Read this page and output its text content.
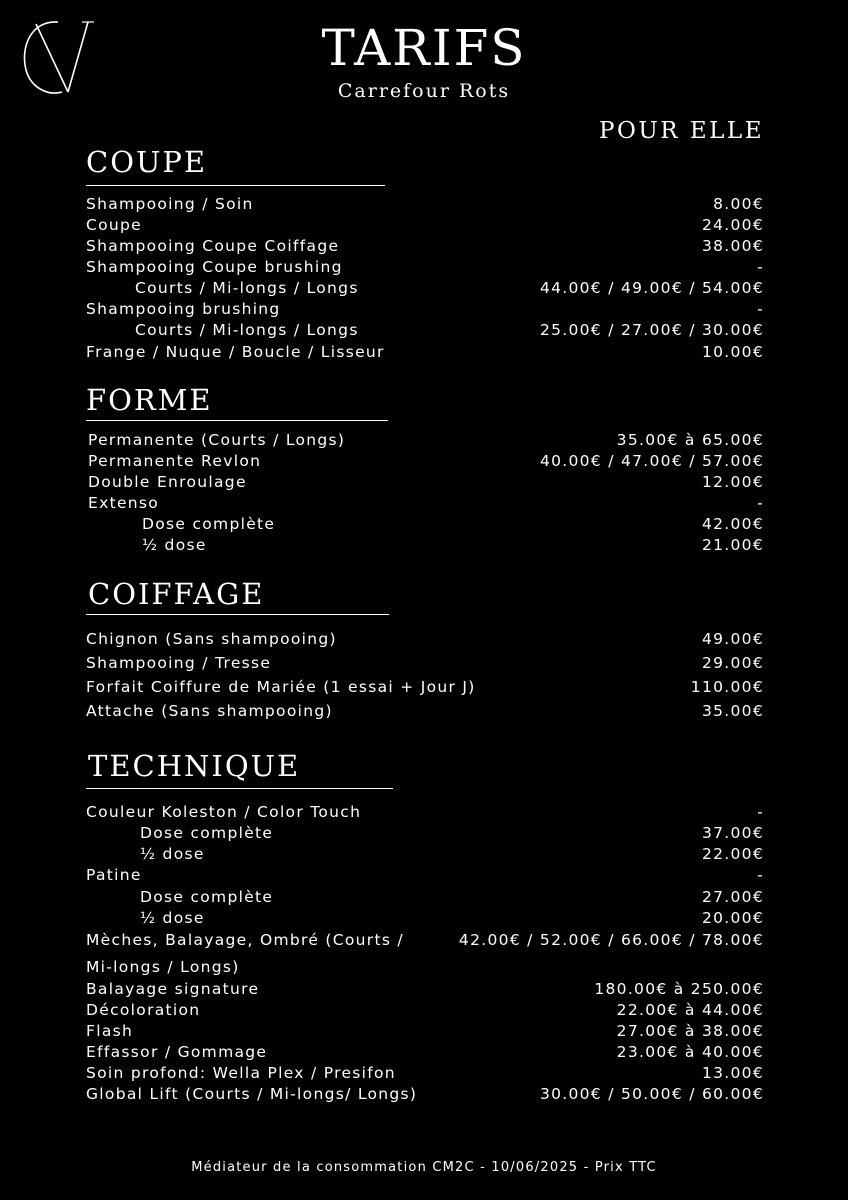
TARIFS
Carrefour Rots
POUR ELLE
COUPE
Shampooing / Soin	8.00€
Coupe	24.00€
Shampooing Coupe Coiffage	38.00€
Shampooing Coupe brushing	-
Courts / Mi-longs / Longs	44.00€ / 49.00€ / 54.00€
Shampooing brushing	-
Courts / Mi-longs / Longs	25.00€ / 27.00€ / 30.00€
Frange / Nuque / Boucle / Lisseur	10.00€
FORME
Permanente (Courts / Longs)	35.00€ à 65.00€
Permanente Revlon	40.00€ / 47.00€ / 57.00€
Double Enroulage	12.00€
Extenso	-
Dose complète	42.00€
½ dose	21.00€
COIFFAGE
Chignon (Sans shampooing)	49.00€
Shampooing / Tresse	29.00€
Forfait Coiffure de Mariée (1 essai + Jour J)	110.00€
Attache (Sans shampooing)	35.00€
TECHNIQUE
Couleur Koleston / Color Touch	-
Dose complète	37.00€
½ dose	22.00€
Patine	-
Dose complète	27.00€
½ dose	20.00€
Mèches, Balayage, Ombré (Courts /	42.00€ / 52.00€ / 66.00€ / 78.00€
Mi-longs / Longs)
Balayage signature	180.00€ à 250.00€
Décoloration	22.00€ à 44.00€
Flash	27.00€ à 38.00€
Effassor / Gommage	23.00€ à 40.00€
Soin profond: Wella Plex / Presifon	13.00€
Global Lift (Courts / Mi-longs/ Longs)	30.00€ / 50.00€ / 60.00€
Médiateur de la consommation CM2C - 10/06/2025 - Prix TTC
